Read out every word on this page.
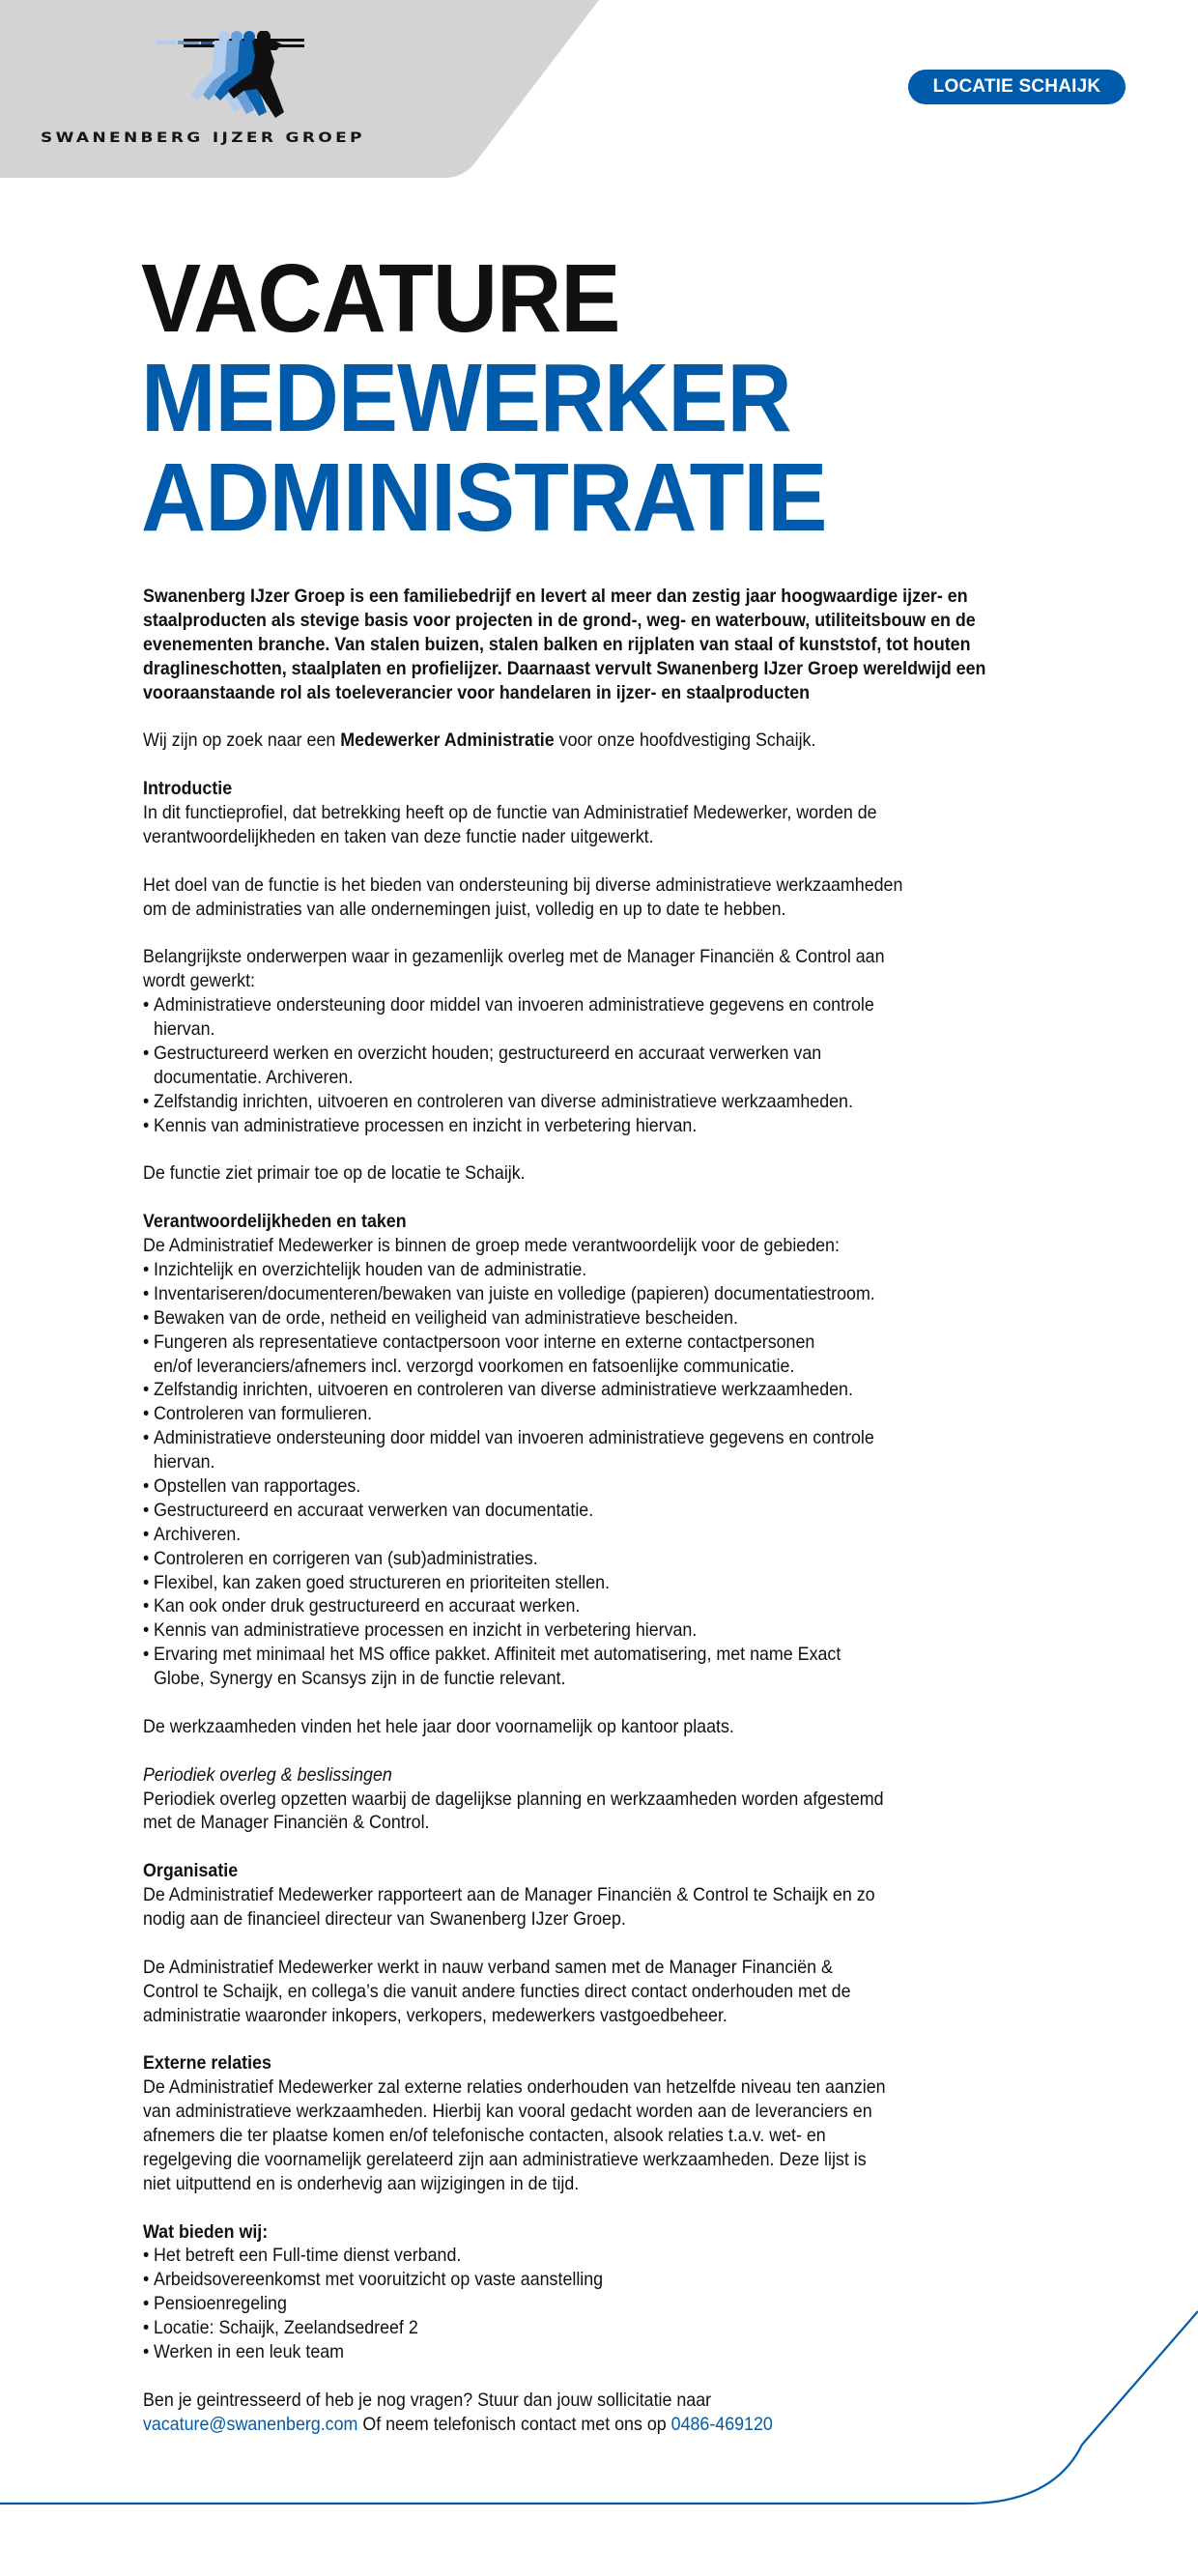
SWANENBERG IJZER GROEP
LOCATIE SCHAIJK
VACATURE
MEDEWERKER
ADMINISTRATIE
Swanenberg IJzer Groep is een familiebedrijf en levert al meer dan zestig jaar hoogwaardige ijzer- en
staalproducten als stevige basis voor projecten in de grond-, weg- en waterbouw, utiliteitsbouw en de
evenementen branche. Van stalen buizen, stalen balken en rijplaten van staal of kunststof, tot houten
draglineschotten, staalplaten en profielijzer. Daarnaast vervult Swanenberg IJzer Groep wereldwijd een
vooraanstaande rol als toeleverancier voor handelaren in ijzer- en staalproducten
Wij zijn op zoek naar een Medewerker Administratie voor onze hoofdvestiging Schaijk.
Introductie
In dit functieprofiel, dat betrekking heeft op de functie van Administratief Medewerker, worden de
verantwoordelijkheden en taken van deze functie nader uitgewerkt.
Het doel van de functie is het bieden van ondersteuning bij diverse administratieve werkzaamheden
om de administraties van alle ondernemingen juist, volledig en up to date te hebben.
Belangrijkste onderwerpen waar in gezamenlijk overleg met de Manager Financiën & Control aan
wordt gewerkt:
• Administratieve ondersteuning door middel van invoeren administratieve gegevens en controle
hiervan.
• Gestructureerd werken en overzicht houden; gestructureerd en accuraat verwerken van
documentatie. Archiveren.
• Zelfstandig inrichten, uitvoeren en controleren van diverse administratieve werkzaamheden.
• Kennis van administratieve processen en inzicht in verbetering hiervan.
De functie ziet primair toe op de locatie te Schaijk.
Verantwoordelijkheden en taken
De Administratief Medewerker is binnen de groep mede verantwoordelijk voor de gebieden:
• Inzichtelijk en overzichtelijk houden van de administratie.
• Inventariseren/documenteren/bewaken van juiste en volledige (papieren) documentatiestroom.
• Bewaken van de orde, netheid en veiligheid van administratieve bescheiden.
• Fungeren als representatieve contactpersoon voor interne en externe contactpersonen
en/of leveranciers/afnemers incl. verzorgd voorkomen en fatsoenlijke communicatie.
• Zelfstandig inrichten, uitvoeren en controleren van diverse administratieve werkzaamheden.
• Controleren van formulieren.
• Administratieve ondersteuning door middel van invoeren administratieve gegevens en controle
hiervan.
• Opstellen van rapportages.
• Gestructureerd en accuraat verwerken van documentatie.
• Archiveren.
• Controleren en corrigeren van (sub)administraties.
• Flexibel, kan zaken goed structureren en prioriteiten stellen.
• Kan ook onder druk gestructureerd en accuraat werken.
• Kennis van administratieve processen en inzicht in verbetering hiervan.
• Ervaring met minimaal het MS office pakket. Affiniteit met automatisering, met name Exact
Globe, Synergy en Scansys zijn in de functie relevant.
De werkzaamheden vinden het hele jaar door voornamelijk op kantoor plaats.
Periodiek overleg & beslissingen
Periodiek overleg opzetten waarbij de dagelijkse planning en werkzaamheden worden afgestemd
met de Manager Financiën & Control.
Organisatie
De Administratief Medewerker rapporteert aan de Manager Financiën & Control te Schaijk en zo
nodig aan de financieel directeur van Swanenberg IJzer Groep.
De Administratief Medewerker werkt in nauw verband samen met de Manager Financiën &
Control te Schaijk, en collega’s die vanuit andere functies direct contact onderhouden met de
administratie waaronder inkopers, verkopers, medewerkers vastgoedbeheer.
Externe relaties
De Administratief Medewerker zal externe relaties onderhouden van hetzelfde niveau ten aanzien
van administratieve werkzaamheden. Hierbij kan vooral gedacht worden aan de leveranciers en
afnemers die ter plaatse komen en/of telefonische contacten, alsook relaties t.a.v. wet- en
regelgeving die voornamelijk gerelateerd zijn aan administratieve werkzaamheden. Deze lijst is
niet uitputtend en is onderhevig aan wijzigingen in de tijd.
Wat bieden wij:
• Het betreft een Full-time dienst verband.
• Arbeidsovereenkomst met vooruitzicht op vaste aanstelling
• Pensioenregeling
• Locatie: Schaijk, Zeelandsedreef 2
• Werken in een leuk team
Ben je geintresseerd of heb je nog vragen? Stuur dan jouw sollicitatie naar
vacature@swanenberg.com Of neem telefonisch contact met ons op 0486-469120
